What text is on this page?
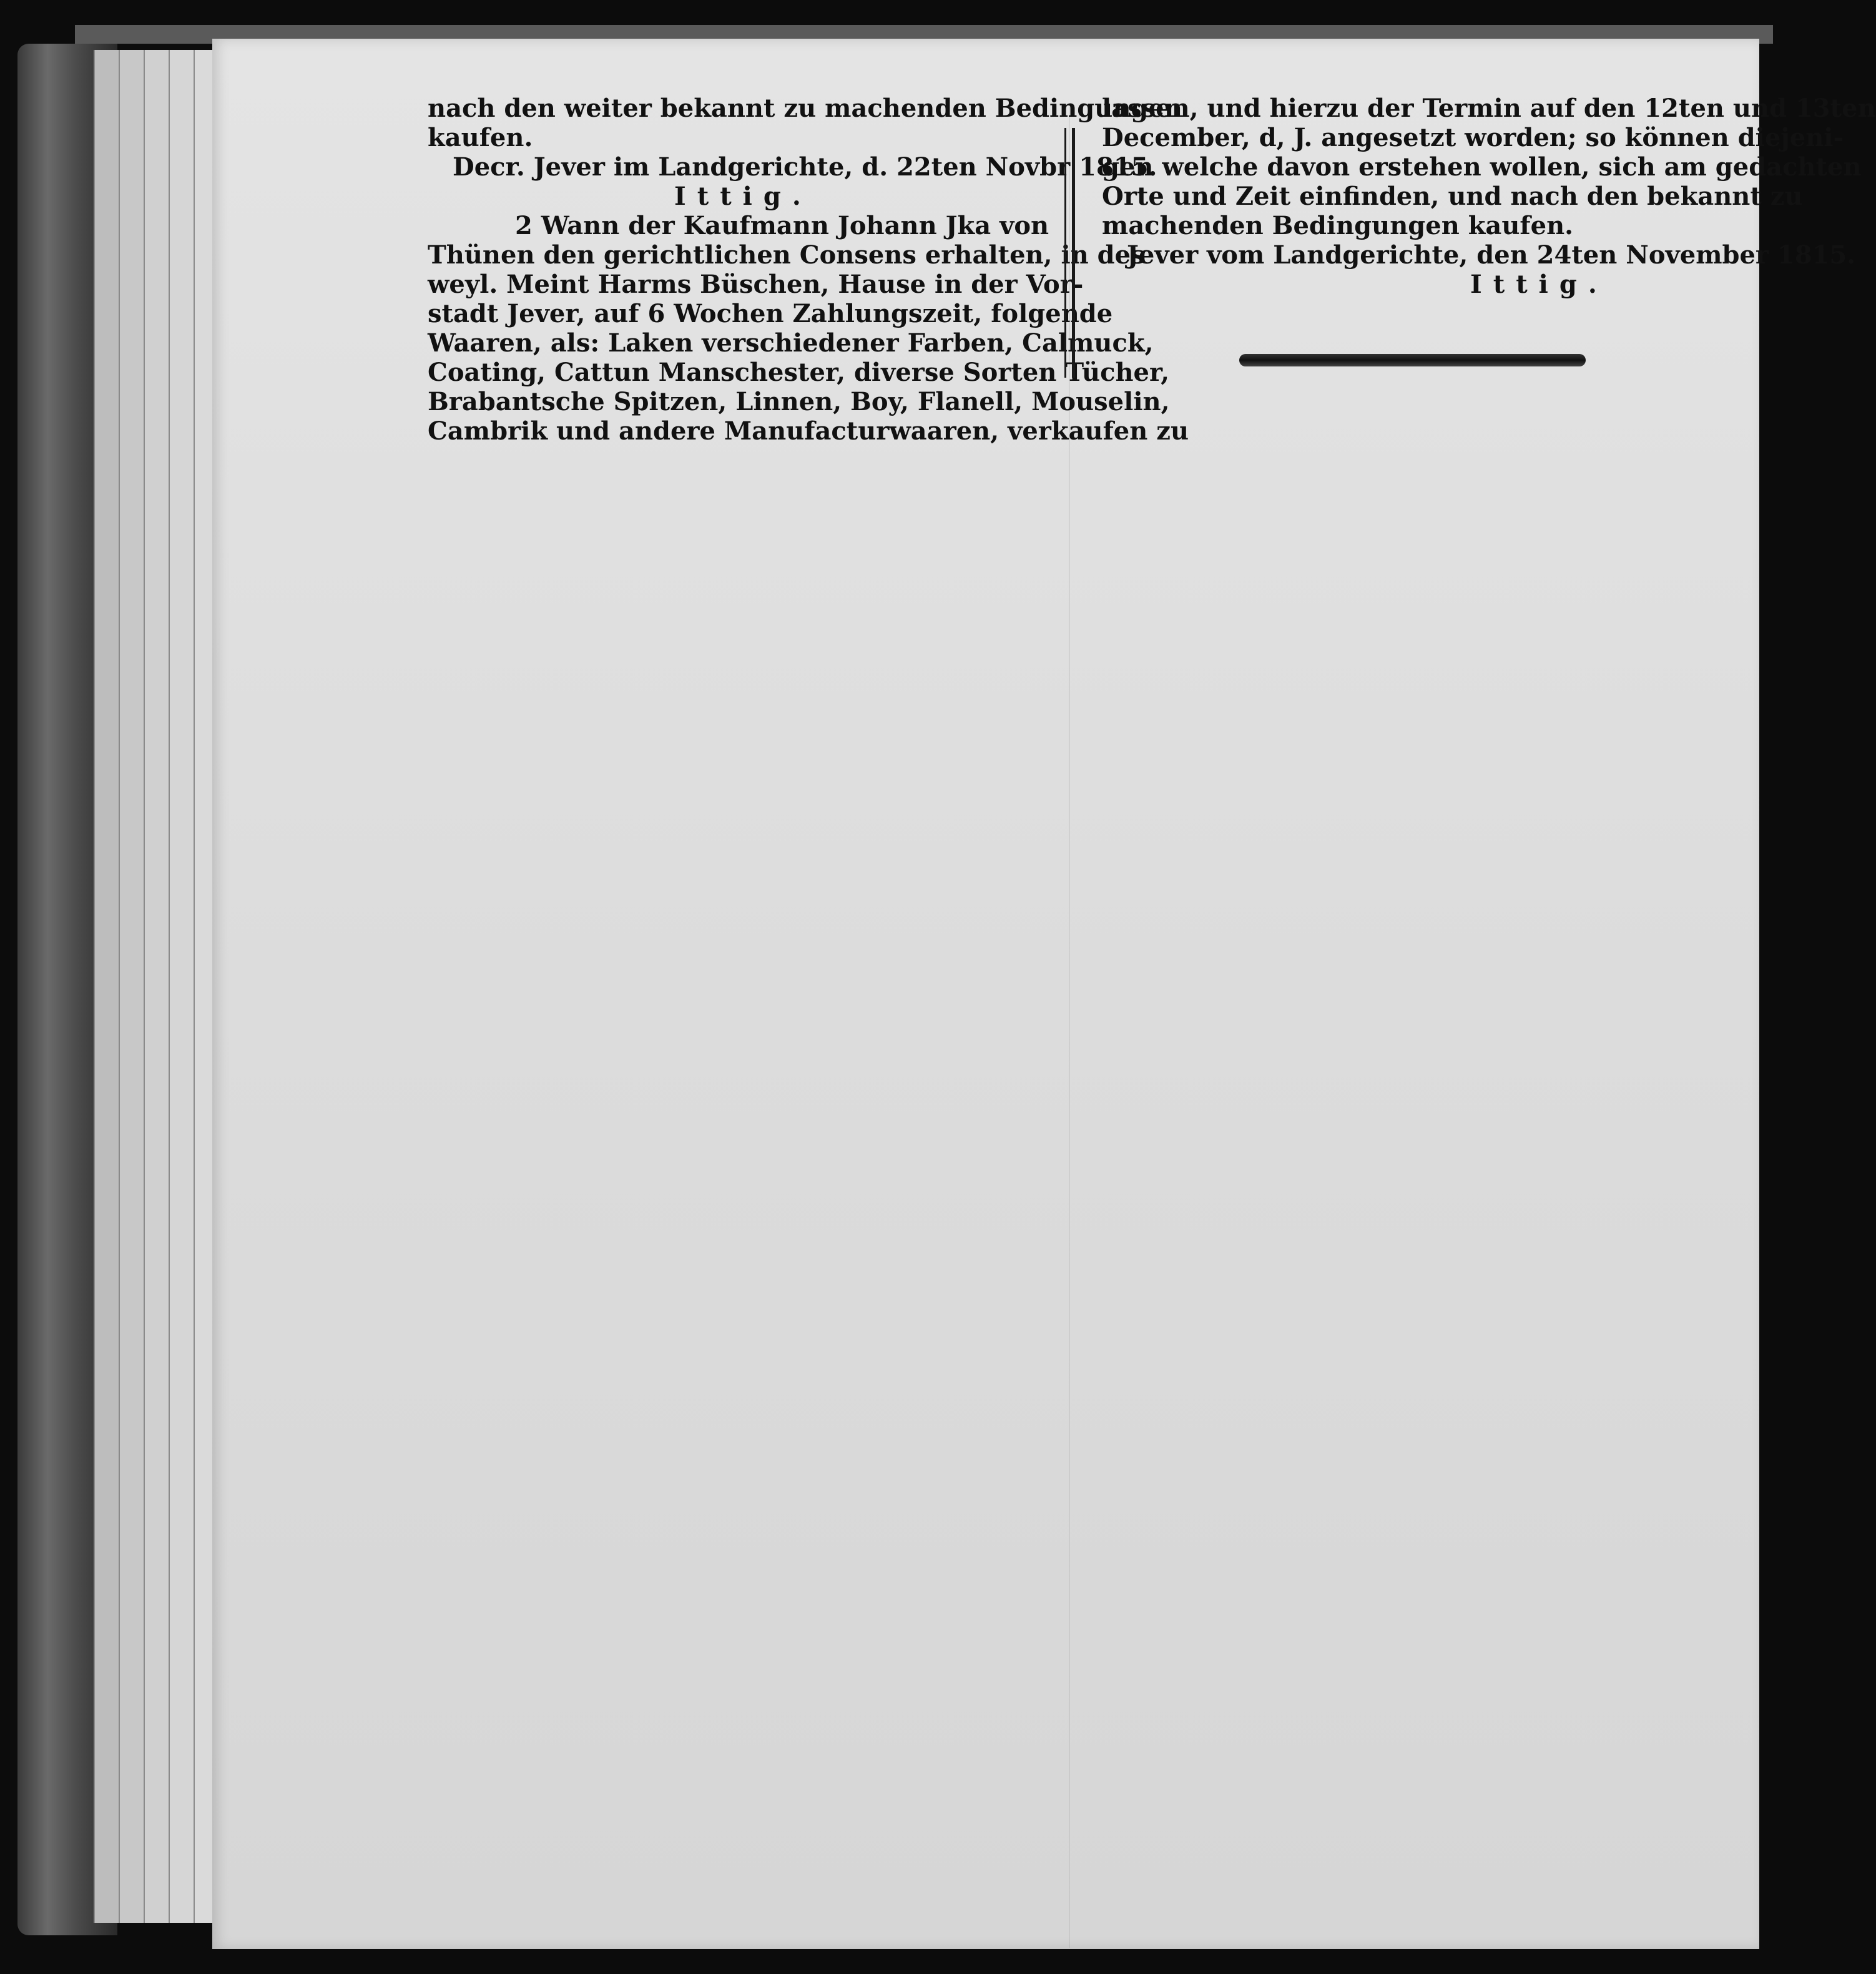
nach den weiter bekannt zu machenden Bedingungen
kaufen.
Decr. Jever im Landgerichte, d. 22ten Novbr 1815.
Ittig.
2 Wann der Kaufmann Johann Jka von
Thünen den gerichtlichen Consens erhalten, in des
weyl. Meint Harms Büschen, Hause in der Vor-
stadt Jever, auf 6 Wochen Zahlungszeit, folgende
Waaren, als: Laken verschiedener Farben, Calmuck,
Coating, Cattun Manschester, diverse Sorten Tücher,
Brabantsche Spitzen, Linnen, Boy, Flanell, Mouselin,
Cambrik und andere Manufacturwaaren, verkaufen zu
lassen, und hierzu der Termin auf den 12ten und 13ten
December, d, J. angesetzt worden; so können diejeni-
gen welche davon erstehen wollen, sich am gedachten
Orte und Zeit einfinden, und nach den bekannt zu
machenden Bedingungen kaufen.
Jever vom Landgerichte, den 24ten November 1815.
Ittig.
